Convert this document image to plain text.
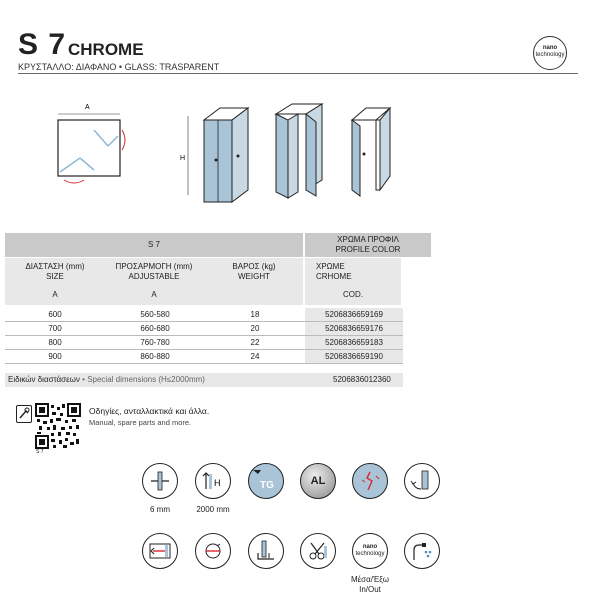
S 7 CHROME
ΚΡΥΣΤΑΛΛΟ: ΔΙΑΦΑΝΟ • GLASS: TRASPARENT
nano
technology
A
H
S 7
ΧΡΩΜΑ ΠΡΟΦΙΛ
PROFILE COLOR
ΔΙΑΣΤΑΣΗ (mm)
SIZE
A
ΠΡΟΣΑΡΜΟΓΗ (mm)
ADJUSTABLE
A
ΒΑΡΟΣ (kg)
WEIGHT
ΧΡΩΜΕ
CRHOME
COD.
600	560-580	18	5206836659169
700	660-680	20	5206836659176
800	760-780	22	5206836659183
900	860-880	24	5206836659190
Ειδικών διαστάσεων • Special dimensions (H≤2000mm)	5206836012360
S 7
Οδηγίες, ανταλλακτικά και άλλα.
Manual, spare parts and more.
6 mm
H
2000 mm
TG	AL
nano
technology
Μέσα/Έξω
In/Out
